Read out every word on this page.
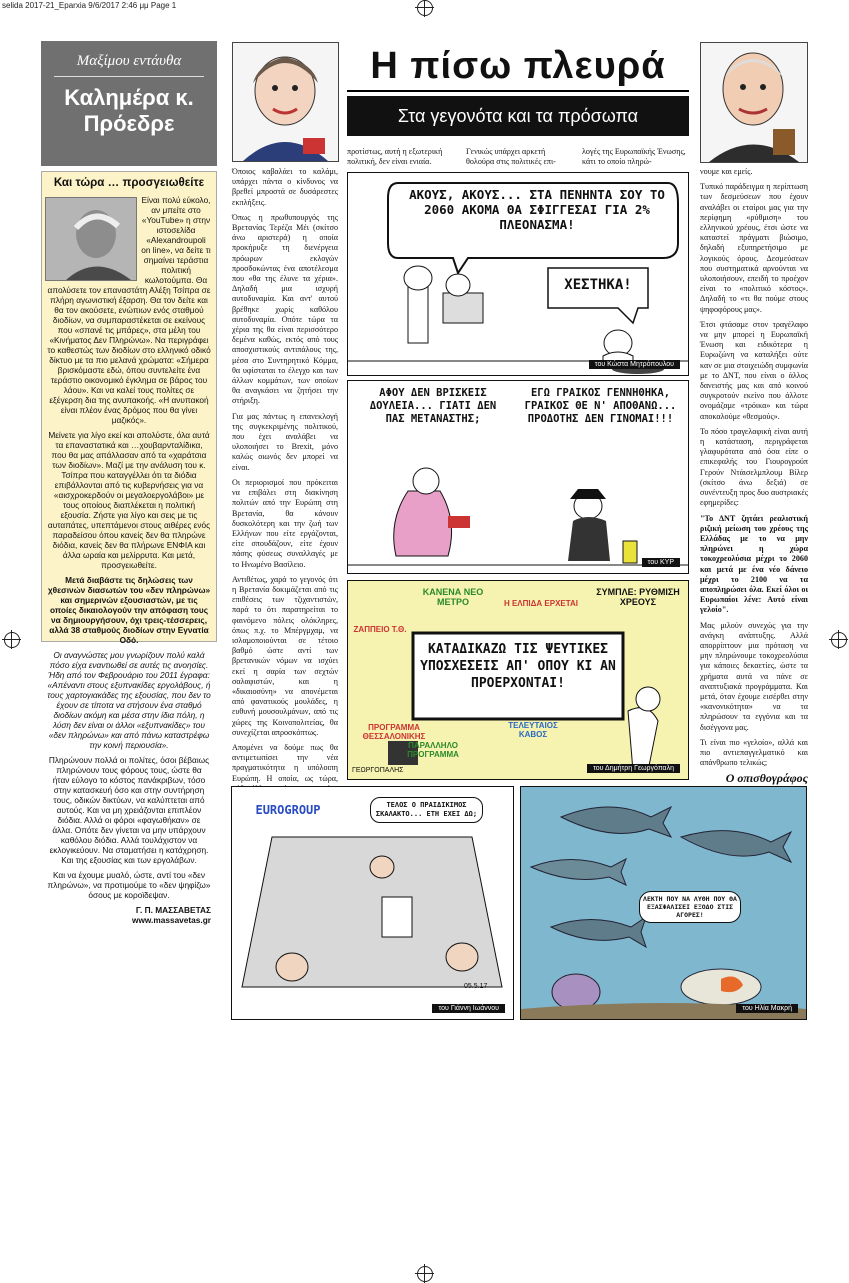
selida 2017-21_Eparxia 9/6/2017 2:46 μμ Page 1
Μαξίμου εντάυθα
Καλημέρα κ. Πρόεδρε
Και τώρα … προσγειωθείτε

Είναι πολύ εύκολο, αν μπείτε στο «YouTube» η στην ιστοσελίδα «Alexandroupoli on line», να δείτε τι σημαίνει τεράστια πολιτική κωλοτούμπα. Θα απολύσετε τον επαναστάτη Αλέξη Τσίπρα σε πλήρη αγωνιστική έξαρση. Θα τον δείτε και θα τον ακούσετε, ενώπιων ενός σταθμού διοδίων, να συμπαραστέκεται σε εκείνους που «σπανέ τις μπάρες», στα μέλη του «Κινήματος Δεν Πληρώνω». Να περιγράφει το καθεστώς των διοδίων στο ελληνικό οδικό δίκτυο με τα πιο μελανά χρώματα: «Σήμερα βρισκόμαστε εδώ, όπου συντελείτε ένα τεράστιο οικονομικό έγκλημα σε βάρος του λάου». Και να καλεί τους πολίτες σε εξέγερση δια της ανυπακοής. «Η ανυπακοή είναι πλέον ένας δρόμος που θα γίνει μαζικός».

Μείνετε για λίγο εκεί και απολύστε, όλα αυτά τα επαναστατικά και …χουβαρνταλίδικα, που θα μας απάλλασαν από τα «χαράτσια των διοδίων». Μαζί με την ανάλυση του κ. Τσίπρα που καταγγέλλει ότι τα διόδια επιβάλλονται από τις κυβερνήσεις για να «αισχροκερδούν οι μεγαλοεργολάβοι» με τους οποίους διαπλέκεται η πολιτική εξουσία. Ζήστε για λίγο και σεις με τις αυταπάτες, υπεπτάμενοι στους αιθέρες ενός παραδείσου όπου κανείς δεν θα πληρώνε διόδια, κανείς δεν θα πλήρωνε ΕΝΦΙΑ και άλλα ωραία και μελίρρυτα. Και μετά, προσγειωθείτε.

Μετά διαβάστε τις δηλώσεις των χθεσινών διασωτών του «δεν πληρώνω» και σημερινών εξουσιαστών, με τις οποίες δικαιολογούν την απόφαση τους να δημιουργήσουν, όχι τρεις-τέσσερεις, αλλά 38 σταθμούς διοδίων στην Εγνατία Οδό.

Οι αναγνώστες μου γνωρίζουν πολύ καλά πόσο είχα εναντιωθεί σε αυτές τις ανοησίες. Ήδη από τον Φεβρουάριο του 2011 έγραφα: «Απέναντι στους εξυπνακίδες εργολάβους, ή τους χαρτογιακάδες της εξουσίας, που δεν το έχουν σε τίποτα να στήσουν ένα σταθμό διοδίων ακόμη και μέσα στην ίδια πόλη, η λύση δεν είναι οι άλλοι «εξυπνακίδες» του «δεν πληρώνω» και από πάνω καταστρέφω την κοινή περιουσία».

Πληρώνουν πολλά οι πολίτες, όσοι βέβαιως πληρώνουν τους φόρους τους, ώστε θα ήταν εύλογο το κόστος πανάκριβων, τόσο στην κατασκευή όσο και στην συντήρηση τους, οδικών δικτύων, να καλύπτεται από αυτούς. Και να μη χρειάζονται επιπλέον διόδια. Αλλά οι φόροι «φαγωθήκαν» σε άλλα. Οπότε δεν γίνεται να μην υπάρχουν καθόλου διόδια. Αλλά τουλάχιστον να εκλογικεύουν. Να σταματήσει η κατάχρηση. Και της εξουσίας και των εργολάβων.

Και να έχουμε μυαλό, ώστε, αντί του «δεν πληρώνω», να προτιμούμε το «δεν ψηφίζω» όσους με κοροϊδεψαν.

Γ. Π. ΜΑΣΣΑΒΕΤΑΣ
www.massavetas.gr
Η πίσω πλευρά
Στα γεγονότα και τα πρόσωπα
προτίστως, αυτή η εξωτερική πολιτική, δεν είναι ενιαία.
Γενικώς υπάρχει αρκετή θολούρα στις πολιτικές επι-
λογές της Ευρωπαϊκής Ένωσης, κάτι το οποίο πληρώ-

Όποιος καβαλάει το καλάμι, υπάρχει πάντα ο κίνδυνος να βρεθεί μπροστά σε δυσάρεστες εκπλήξεις.

Όπως η πρωθυπουργός της Βρετανίας Τερέζα Μέι (σκίτσο άνω αριστερά) η οποία προκήρυξε τη διενέργεια πρόωρων εκλογών προσδοκώντας ένα αποτέλεσμα που «θα της έλυνε τα χέρια». Δηλαδή μια ισχυρή αυτοδυναμία. Και αντ' αυτού βρέθηκε χωρίς καθόλου αυτοδυναμία. Οπότε τώρα τα χέρια της θα είναι περισσότερο δεμένα καθώς, εκτός από τους αποσχιστικούς αντιπάλους της, μέσα στο Συντηρητικό Κόμμα, θα υφίσταται το έλεγχο και των άλλων κομμάτων, των οποίων θα αναγκάσει να ζητήσει την στήριξη.

Για μας πάντως η επανεκλογή της συγκεκριμένης πολιτικού, που έχει αναλάβει να υλοποιήσει το Brexit, μόνο καλώς οιωνός δεν μπορεί να είναι.

Οι περιορισμοί που πρόκειται να επιβάλει στη διακίνηση πολιτών από την Ευρώπη στη Βρετανία, θα κάνουν δυσκολότερη και την ζωή των Ελλήνων που είτε εργάζονται, είτε σπουδάζουν, είτε έχουν πάσης φύσεως συναλλαγές με το Ηνωμένο Βασίλειο.

Αντιθέτως, χαρά το γεγονός ότι η Βρετανία δοκιμάζεται από τις επιθέσεις των τζιχαντιστών, παρά το ότι παρατηρείται το φαινόμενο πόλεις ολόκληρες, όπως π.χ. το Μπέργμχαμ, να ισλαμοποιούνται σε τέτοιο βαθμό ώστε αντί των βρετανικών νόμων να ισχύει εκεί η σαρία των σεχτών σαλαφιστών, και η «δικαιοσύνη» να απονέμεται από φανατικούς μουλάδες, η ευθυνή μουσουλμάνων, από τις χώρες της Κοινοπολιτείας, θα συνεχίζεται απροσκόπτως.

Απομένει να δούμε πως θα αντιμετωπίσει την νέα πραγματικότητα η υπόλοιπη Ευρώπη. Η οποία, ως τώρα,

νουμε και εμείς.

Τυπικό παράδειγμα η περίπτωση των δεσμεύσεων που έχουν αναλάβει οι εταίροι μας για την περίφημη «ρύθμιση» του ελληνικού χρέους, έτσι ώστε να καταστεί πράγματι βιώσιμο, δηλαδή εξυπηρετήσιμο με λογικούς όρους. Δεσμεύσεων που συστηματικά αρνούνται να υλοποιήσουν, επειδή το προέχον είναι το «πολιτικό κόστος». Δηλαδή το «τι θα πούμε στους ψηφοφόρους μας».

Έτσι φτάσαμε στον τραγέλαφο να μην μπορεί η Ευρωπαϊκή Ένωση και ειδικότερα η Ευρωζώνη να καταλήξει ούτε καν σε μια στοιχειώδη συμφωνία με το ΔΝΤ, που είναι ο άλλος δανειστής μας και από κοινού συγκροτούν εκείνο που άλλοτε ονομάζαμε «τρόικα» και τώρα αποκαλούμε «θεσμούς».

Το πόσο τραγελαφική είναι αυτή η κατάσταση, περιγράφεται γλαφυρότατα από όσα είπε ο επικεφαλής του Γιουρογρούπ Γερούν Ντάισελμπλουμ Βίλερ (σκίτσο άνω δεξιά) σε συνέντευξη προς δυο αυστριακές εφημερίδες:

"Το ΔΝΤ ζητάει ρεαλιστική ριζική μείωση του χρέους της Ελλάδας με το να μην πληρώνει η χώρα τοκοχρεολύσια μέχρι το 2060 και μετά με ένα νέο δάνειο μέχρι το 2100 να τα αποπληρώσει όλα. Εκεί όλοι οι Ευρωπαίοι λένε: Αυτό είναι γελοίο".

Μας μιλούν συνεχώς για την ανάγκη ανάπτυξης. Αλλά απορρίπτουν μια πρόταση να μην πληρώνουμε τοκοχρεολύσια για κάποιες δεκαετίες, ώστε τα χρήματα αυτά να πάνε σε αναπτυξιακά προγράμματα. Και μετά, όταν έχουμε εισέρθει στην «κανονικότητα» να τα πληρώσουν τα εγγόνια και τα δισέγγονα μας.

Τι είναι πιο «γελοίο», αλλά και πιο αντιεπαγγελματικό και απάνθρωπο τελικώς;

Ο οπισθογράφος
ΑΚΟΥΣ, ΑΚΟΥΣ... ΣΤΑ ΠΕΝΗΝΤΑ ΣΟΥ ΤΟ 2060 ΑΚΟΜΑ ΘΑ ΣΦΙΓΓΕΣΑΙ ΓΙΑ 2% ΠΛΕΟΝΑΣΜΑ!
ΧΕΣΤΗΚΑ!
του Κώστα Μητρόπουλου
ΑΦΟΥ ΔΕΝ ΒΡΙΣΚΕΙΣ ΔΟΥΛΕΙΑ... ΓΙΑΤΙ ΔΕΝ ΠΑΣ ΜΕΤΑΝΑΣΤΗΣ;
ΕΓΩ ΓΡΑΙΚΟΣ ΓΕΝΝΗΘΗΚΑ, ΓΡΑΙΚΟΣ ΘΕ Ν' ΑΠΟΘΑΝΩ... ΠΡΟΔΟΤΗΣ ΔΕΝ ΓΙΝΟΜΑΙ!!!
του ΚΥΡ
ΚΑΝΕΝΑ ΝΕΟ ΜΕΤΡΟ	Η ΕΛΠΙΔΑ ΕΡΧΕΤΑΙ
ΣΥΜΠΛΕ: ΡΥΘΜΙΣΗ ΧΡΕΟΥΣ
ΖΑΠΠΕΙΟ Τ.Θ.
ΚΑΤΑΔΙΚΑΖΩ ΤΙΣ ΨΕΥΤΙΚΕΣ ΥΠΟΣΧΕΣΕΙΣ ΑΠ' ΟΠΟΥ ΚΙ ΑΝ ΠΡΟΕΡΧΟΝΤΑΙ!
ΠΡΟΓΡΑΜΜΑ ΘΕΣΣΑΛΟΝΙΚΗΣ
ΠΑΡΑΛΛΗΛΟ ΠΡΟΓΡΑΜΜΑ
ΤΕΛΕΥΤΑΙΟΣ ΚΑΒΟΣ
ΓΕΩΡΓΟΠΑΛΗΣ	του Δημήτρη Γεωργόπαλη
EUROGROUP	ΤΕΛΟΣ Ο ΠΡΑΙΔΙΚΙΜΟΣ ΣΚΑΛΑΚΤΟ... ΕΤΗ ΕΧΕΙ ΔΩ;
05.5.17
του Γιάννη Ιωάννου
ΛΕΚΤΗ ΠΟΥ ΝΑ ΛΥΘΗ ΠΟΥ ΘΑ ΕΞΑΣΦΑΛΙΣΕΙ ΕΞΟΔΟ ΣΤΙΣ ΑΓΟΡΕΣ!
του Ηλία Μακρή
